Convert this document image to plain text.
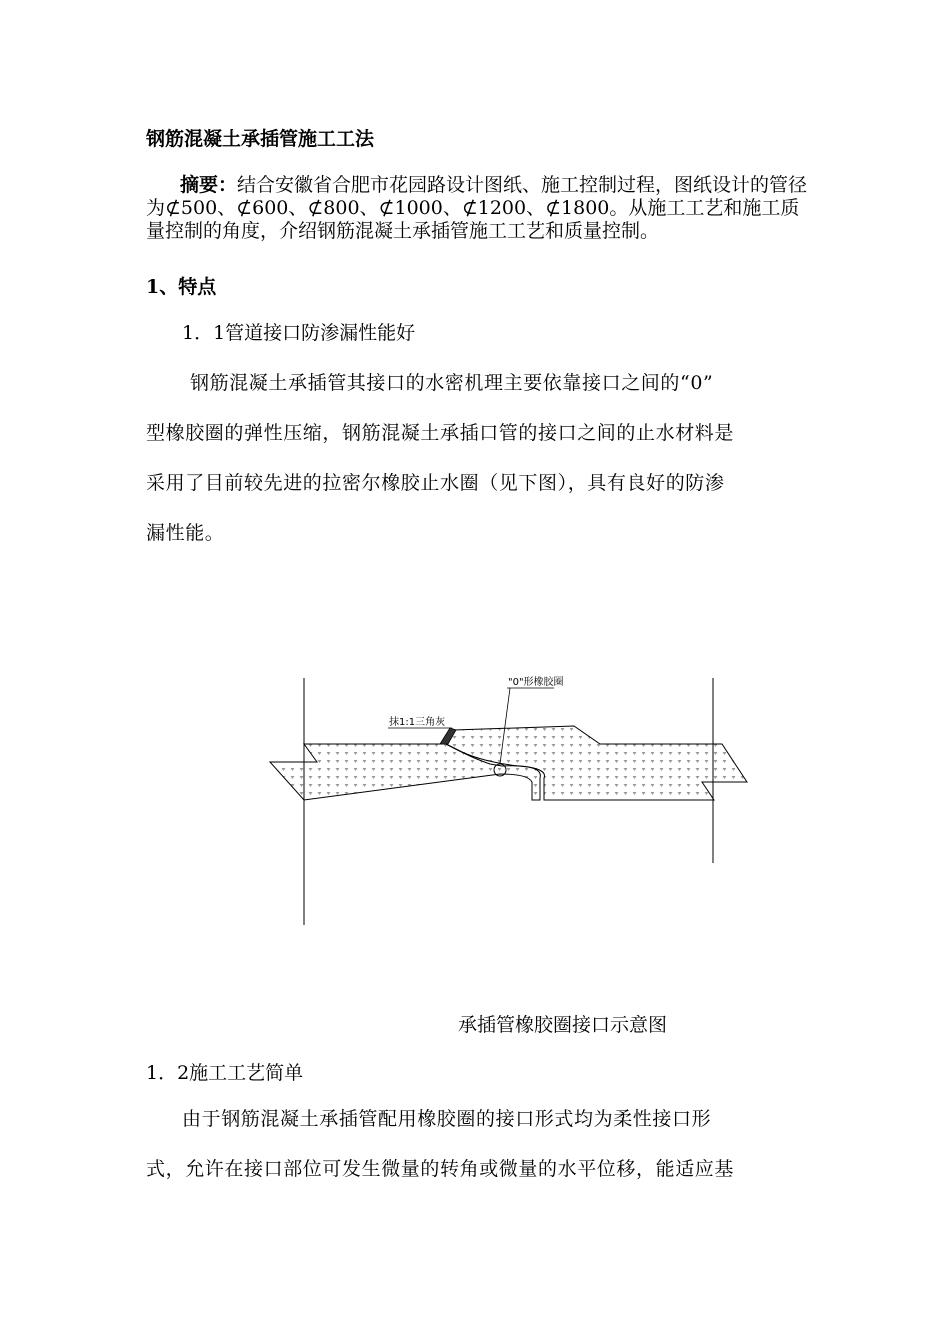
钢筋混凝土承插管施工工法
摘要：结合安徽省合肥市花园路设计图纸、施工控制过程，图纸设计的管径为⊄500、⊄600、⊄800、⊄1000、⊄1200、⊄1800。从施工工艺和施工质量控制的角度，介绍钢筋混凝土承插管施工工艺和质量控制。
1、特点
1．1管道接口防渗漏性能好
钢筋混凝土承插管其接口的水密机理主要依靠接口之间的“0”
型橡胶圈的弹性压缩，钢筋混凝土承插口管的接口之间的止水材料是
采用了目前较先进的拉密尔橡胶止水圈（见下图），具有良好的防渗
漏性能。
抹1:1三角灰
"0"形橡胶圈
承插管橡胶圈接口示意图
1．2施工工艺简单
由于钢筋混凝土承插管配用橡胶圈的接口形式均为柔性接口形
式，允许在接口部位可发生微量的转角或微量的水平位移，能适应基
